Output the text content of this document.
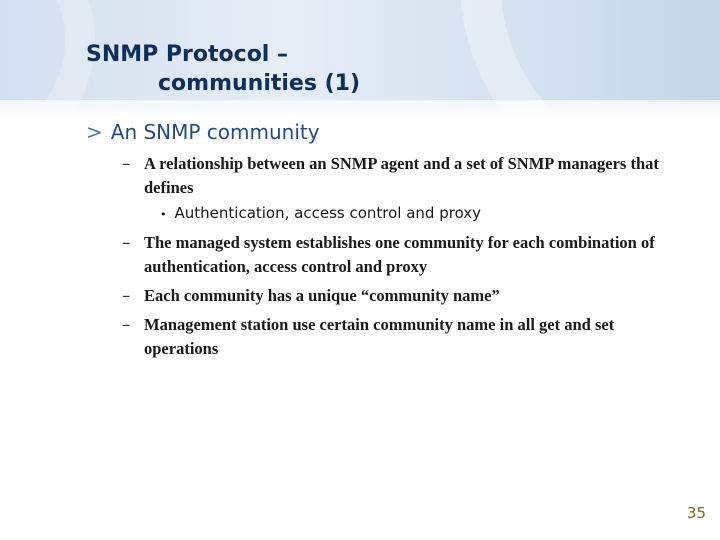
SNMP Protocol –
communities (1)
> An SNMP community
– A relationship between an SNMP agent and a set of SNMP managers that defines
• Authentication, access control and proxy
– The managed system establishes one community for each combination of authentication, access control and proxy
– Each community has a unique “community name”
– Management station use certain community name in all get and set operations
35
